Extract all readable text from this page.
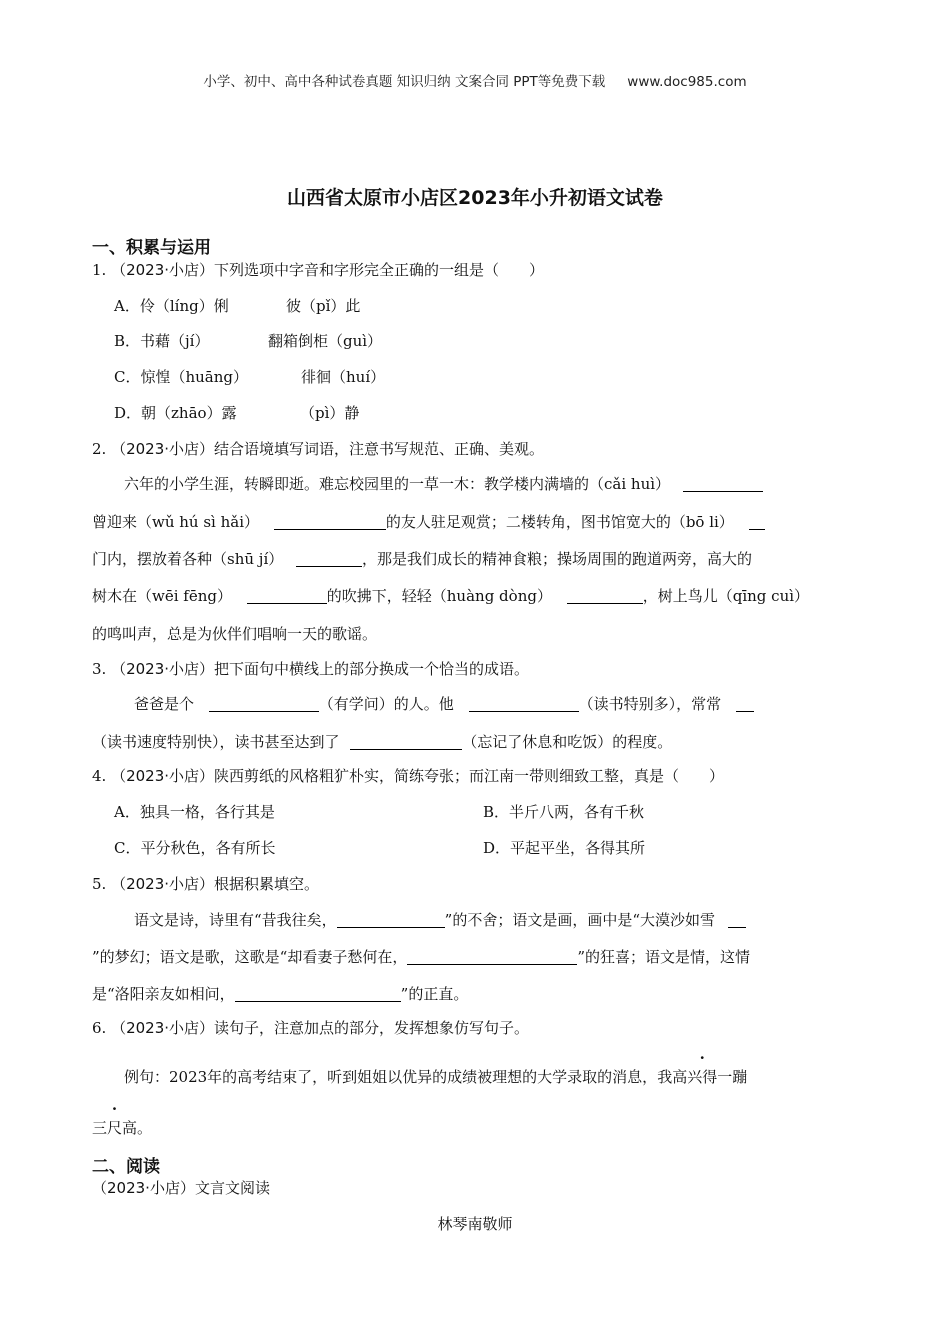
小学、初中、高中各种试卷真题 知识归纳 文案合同 PPT等免费下载 www.doc985.com
山西省太原市小店区2023年小升初语文试卷
一、积累与运用
1. （2023·小店）下列选项中字音和字形完全正确的一组是（　　）
A．伶（líng）俐	彼（pǐ）此
B．书藉（jí）	翻箱倒柜（guì）
C．惊惶（huāng）	徘徊（huí）
D．朝（zhāo）露	（pì）静
2. （2023·小店）结合语境填写词语，注意书写规范、正确、美观。
六年的小学生涯，转瞬即逝。难忘校园里的一草一木：教学楼内满墙的（cǎi huì）
曾迎来（wǔ hú sì hǎi）	的友人驻足观赏；二楼转角，图书馆宽大的（bō li）
门内，摆放着各种（shū jí）	，那是我们成长的精神食粮；操场周围的跑道两旁，高大的
树木在（wēi fēng）	的吹拂下，轻轻（huàng dòng）	，树上鸟儿（qīng cuì）
的鸣叫声，总是为伙伴们唱响一天的歌谣。
3. （2023·小店）把下面句中横线上的部分换成一个恰当的成语。
爸爸是个	（有学问）的人。他	（读书特别多），常常
（读书速度特别快），读书甚至达到了	（忘记了休息和吃饭）的程度。
4. （2023·小店）陕西剪纸的风格粗犷朴实，简练夸张；而江南一带则细致工整，真是（　　）
A．独具一格，各行其是	B．半斤八两，各有千秋
C．平分秋色，各有所长	D．平起平坐，各得其所
5. （2023·小店）根据积累填空。
语文是诗，诗里有“昔我往矣，	”的不舍；语文是画，画中是“大漠沙如雪
”的梦幻；语文是歌，这歌是“却看妻子愁何在，	”的狂喜；语文是情，这情
是“洛阳亲友如相问，	”的正直。
6. （2023·小店）读句子，注意加点的部分，发挥想象仿写句子。
例句：2023年的高考结束了，听到姐姐以优异的成绩被理想的大学录取的消息，· 我高兴得一蹦
三尺高。
二、阅读
（2023·小店）文言文阅读
林琴南敬师
